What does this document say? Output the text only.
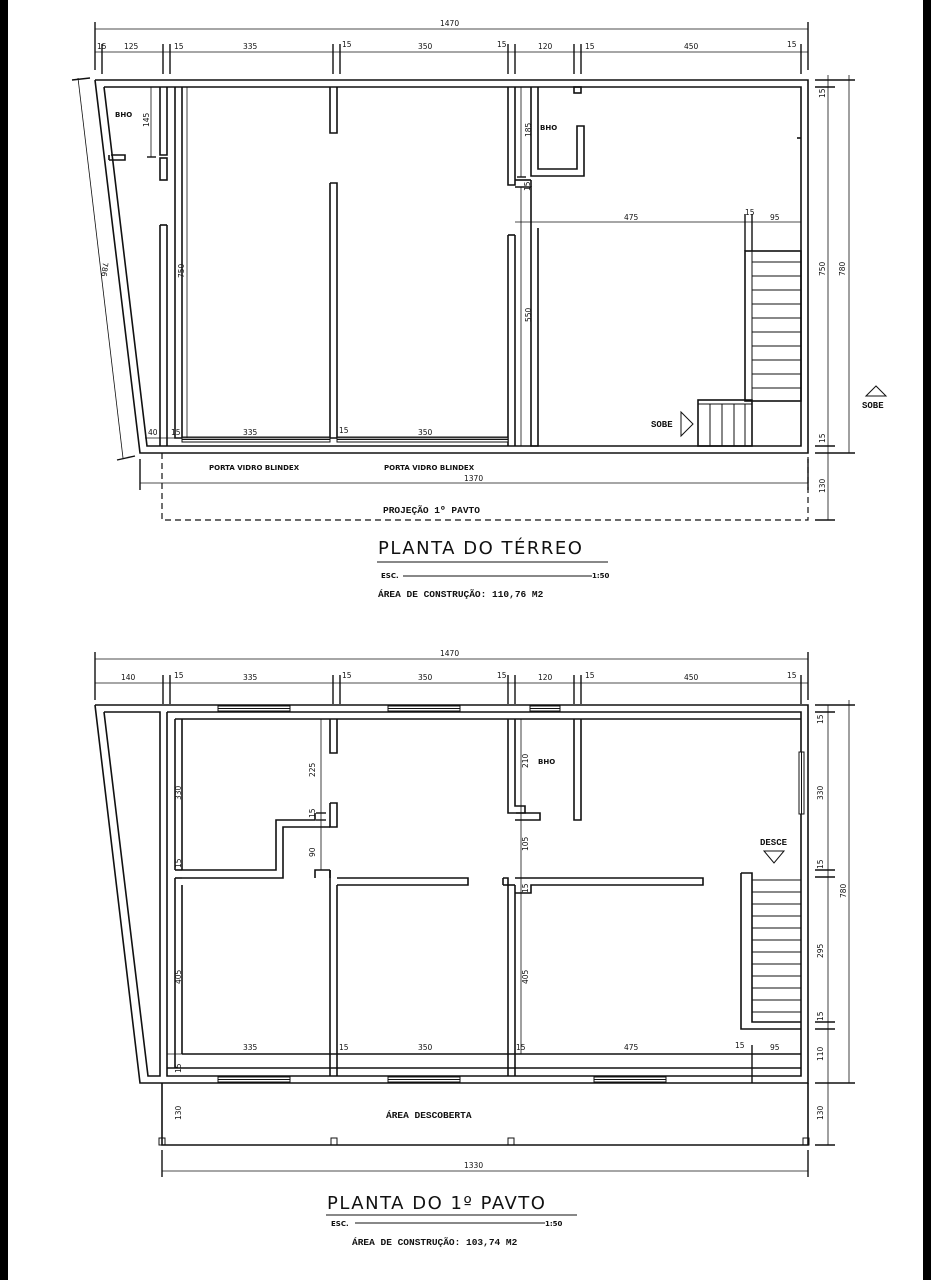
1470
15 125	15	335	15	350	15	120	15	450	15
SOBE
145
750
185
15
550
475
15
95
40 15	335	15	350
BHO
BHO
PORTA VIDRO BLINDEX	PORTA VIDRO BLINDEX
1370
PROJEÇÃO 1º PAVTO
786
15
750 780
15
130
SOBE
PLANTA DO TÉRREO
ESC.	1:50
ÁREA DE CONSTRUÇÃO: 110,76 M2
1470
140	15	335	15	350	15	120	15	450	15
DESCE
330
15
405
15
130
225
15
90
210
105
15
405
335	15	350	15	475	15	95
BHO
ÁREA DESCOBERTA
1330
15
330
15
295
15
110
130
780
PLANTA DO 1º PAVTO
ESC.	1:50
ÁREA DE CONSTRUÇÃO: 103,74 M2
